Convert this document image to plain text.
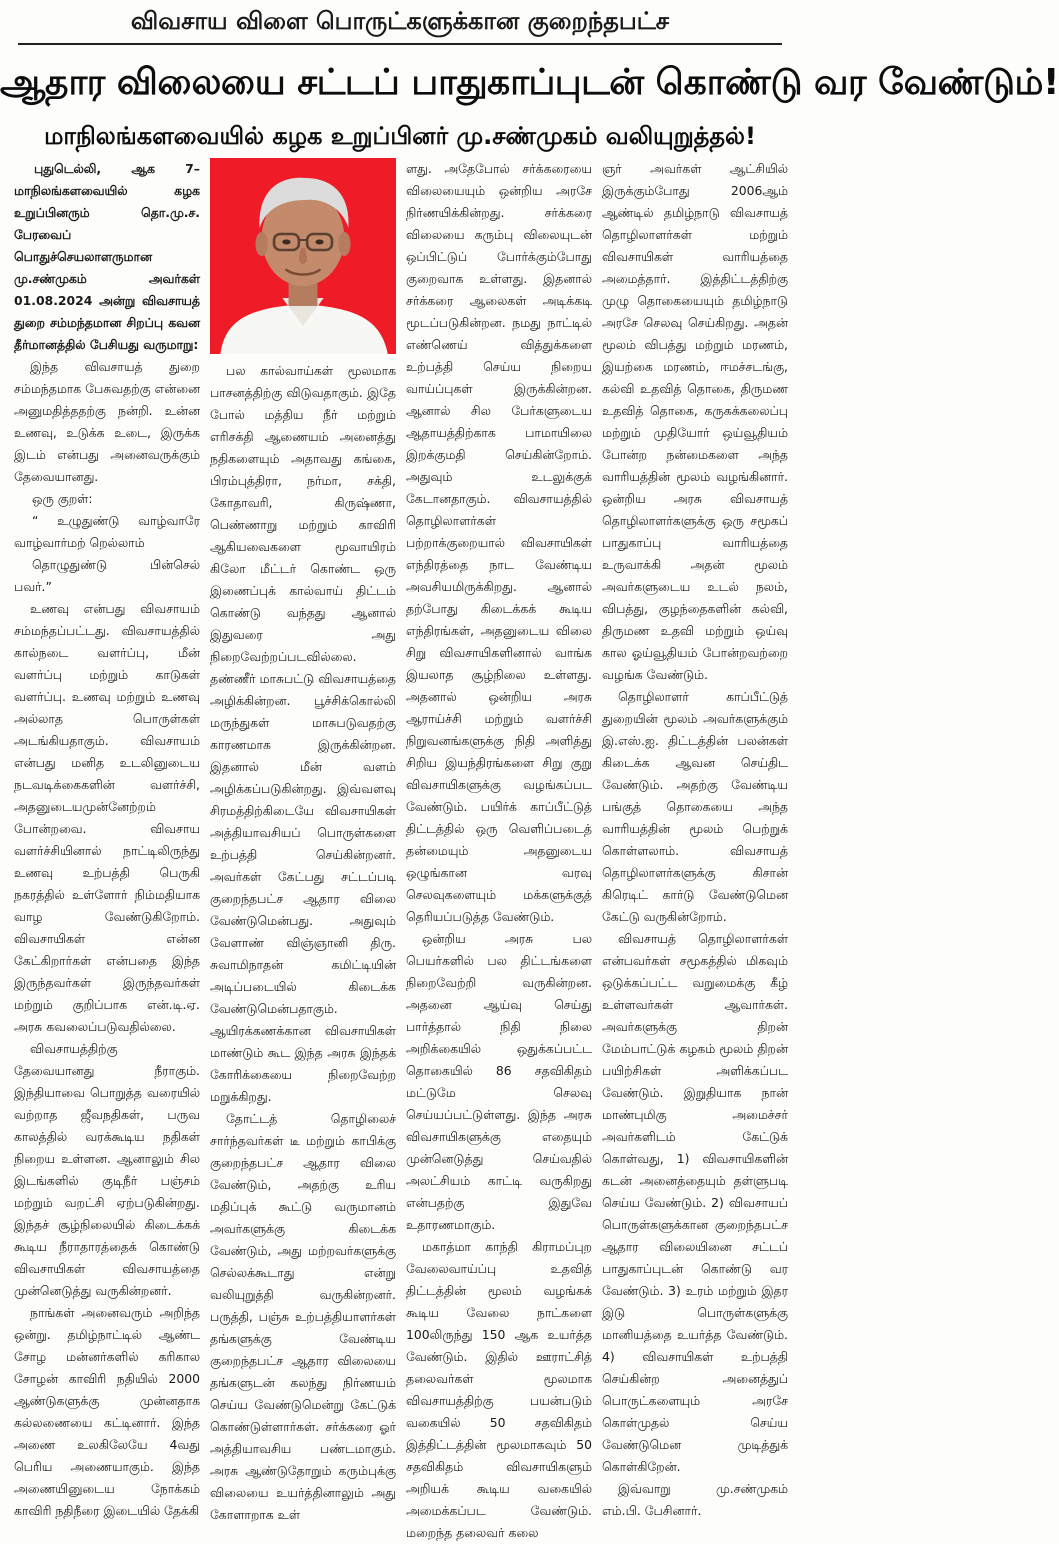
விவசாய விளை பொருட்களுக்கான குறைந்தபட்ச
ஆதார விலையை சட்டப் பாதுகாப்புடன் கொண்டு வர வேண்டும்!
மாநிலங்களவையில் கழக உறுப்பினர் மு.சண்முகம் வலியுறுத்தல்!

புதுடெல்லி, ஆக 7– மாநிலங்களவையில் கழக உறுப்பினரும் தொ.மு.ச. பேரவைப் பொதுச்செயலாளருமான மு.சண்முகம் அவர்கள் 01.08.2024 அன்று விவசாயத் துறை சம்மந்தமான சிறப்பு கவன தீர்மானத்தில் பேசியது வருமாறு:

இந்த விவசாயத் துறை சம்மந்தமாக பேசுவதற்கு என்னை அனுமதித்ததற்கு நன்றி. உன்ன உணவு, உடுக்க உடை, இருக்க இடம் என்பது அனைவருக்கும் தேவையானது.

ஒரு குறள்:

“ உழுதுண்டு வாழ்வாரே வாழ்வார்மற் றெல்லாம்

தொழுதுண்டு பின்செல் பவர்.”

உணவு என்பது விவசாயம் சம்மந்தப்பட்டது. விவசாயத்தில் கால்நடை வளர்ப்பு, மீன் வளர்ப்பு மற்றும் காடுகள் வளர்ப்பு. உணவு மற்றும் உணவு அல்லாத பொருள்கள் அடங்கியதாகும். விவசாயம் என்பது மனித உடலினுடைய நடவடிக்கைகளின் வளர்ச்சி, அதனுடையமுன்னேற்றம் போன்றவை. விவசாய வளர்ச்சியினால் நாட்டிலிருந்து உணவு உற்பத்தி பெருகி நகரத்தில் உள்ளோர் நிம்மதியாக வாழ வேண்டுகிறோம். விவசாயிகள் என்ன கேட்கிறார்கள் என்பதை இந்த இருந்தவர்கள் இருந்தவர்கள் மற்றும் குறிப்பாக என்.டி.ஏ. அரசு கவலைப்படுவதில்லை.

விவசாயத்திற்கு தேவையானது நீராகும். இந்தியாவை பொறுத்த வரையில் வற்றாத ஜீவநதிகள், பருவ காலத்தில் வரக்கூடிய நதிகள் நிறைய உள்ளன. ஆனாலும் சில இடங்களில் குடிநீர் பஞ்சம் மற்றும் வறட்சி ஏற்படுகின்றது. இந்தச் சூழ்நிலையில் கிடைக்கக் கூடிய நீராதாரத்தைக் கொண்டு விவசாயிகள் விவசாயத்தை முன்னெடுத்து வருகின்றனர்.

நாங்கள் அனைவரும் அறிந்த ஒன்று. தமிழ்நாட்டில் ஆண்ட சோழ மன்னர்களில் கரிகால சோழன் காவிரி நதியில் 2000 ஆண்டுகளுக்கு முன்னதாக கல்லணையை கட்டினார். இந்த அணை உலகிலேயே 4வது பெரிய அணையாகும். இந்த அணையினுடைய நோக்கம் காவிரி நதிநீரை இடையில் தேக்கி

பல கால்வாய்கள் மூலமாக பாசனத்திற்கு விடுவதாகும். இதே போல் மத்திய நீர் மற்றும் எரிசக்தி ஆணையம் அனைத்து நதிகளையும் அதாவது கங்கை, பிரம்புத்திரா, நர்மா, சக்தி, கோதாவரி, கிருஷ்ணா, பெண்ணாறு மற்றும் காவிரி ஆகியவைகளை மூவாயிரம் கிலோ மீட்டர் கொண்ட ஒரு இணைப்புக் கால்வாய் திட்டம் கொண்டு வந்தது ஆனால் இதுவரை அது நிறைவேற்றப்படவில்லை. தண்ணீர் மாசுபட்டு விவசாயத்தை அழிக்கின்றன. பூச்சிக்கொல்லி மருந்துகள் மாசுபடுவதற்கு காரணமாக இருக்கின்றன. இதனால் மீன் வளம் அழிக்கப்படுகின்றது. இவ்வளவு சிரமத்திற்கிடையே விவசாயிகள் அத்தியாவசியப் பொருள்களை உற்பத்தி செய்கின்றனர். அவர்கள் கேட்பது சட்டப்படி குறைந்தபட்ச ஆதார விலை வேண்டுமென்பது. அதுவும் வேளாண் விஞ்ஞானி திரு. சுவாமிநாதன் கமிட்டியின் அடிப்படையில் கிடைக்க வேண்டுமென்பதாகும். ஆயிரக்கணக்கான விவசாயிகள் மாண்டும் கூட இந்த அரசு இந்தக் கோரிக்கையை நிறைவேற்ற மறுக்கிறது.

தோட்டத் தொழிலைச் சார்ந்தவர்கள் டீ மற்றும் காபிக்கு குறைந்தபட்ச ஆதார விலை வேண்டும், அதற்கு உரிய மதிப்புக் கூட்டு வருமானம் அவர்களுக்கு கிடைக்க வேண்டும், அது மற்றவர்களுக்கு செல்லக்கூடாது என்று வலியுறுத்தி வருகின்றனர். பருத்தி, பஞ்சு உற்பத்தியாளர்கள் தங்களுக்கு வேண்டிய குறைந்தபட்ச ஆதார விலையை தங்களுடன் கலந்து நிர்ணயம் செய்ய வேண்டுமென்று கேட்டுக் கொண்டுள்ளார்கள். சர்க்கரை ஓர் அத்தியாவசிய பண்டமாகும். அரசு ஆண்டுதோறும் கரும்புக்கு விலையை உயர்த்தினாலும் அது கோளாறாக உள்

ளது. அதேபோல் சர்க்கரையை விலையையும் ஒன்றிய அரசே நிர்ணயிக்கின்றது. சர்க்கரை விலையை கரும்பு விலையுடன் ஒப்பிட்டுப் போர்க்கும்போது குறைவாக உள்ளது. இதனால் சர்க்கரை ஆலைகள் அடிக்கடி மூடப்படுகின்றன. நமது நாட்டில் எண்ணெய் வித்துக்களை உற்பத்தி செய்ய நிறைய வாய்ப்புகள் இருக்கின்றன. ஆனால் சில பேர்களுடைய ஆதாயத்திற்காக பாமாயிலை இறக்குமதி செய்கின்றோம். அதுவும் உடலுக்குக் கேடானதாகும். விவசாயத்தில் தொழிலாளர்கள் பற்றாக்குறையால் விவசாயிகள் எந்திரத்தை நாட வேண்டிய அவசியமிருக்கிறது. ஆனால் தற்போது கிடைக்கக் கூடிய எந்திரங்கள், அதனுடைய விலை சிறு விவசாயிகளினால் வாங்க இயலாத சூழ்நிலை உள்ளது. அதனால் ஒன்றிய அரசு ஆராய்ச்சி மற்றும் வளர்ச்சி நிறுவனங்களுக்கு நிதி அளித்து சிறிய இயந்திரங்களை சிறு குறு விவசாயிகளுக்கு வழங்கப்பட வேண்டும். பயிர்க் காப்பீட்டுத் திட்டத்தில் ஒரு வெளிப்படைத் தன்மையும் அதனுடைய ஒழுங்கான வரவு செலவுகளையும் மக்களுக்குத் தெரியப்படுத்த வேண்டும்.

ஒன்றிய அரசு பல பெயர்களில் பல திட்டங்களை நிறைவேற்றி வருகின்றன. அதனை ஆய்வு செய்து பார்த்தால் நிதி நிலை அறிக்கையில் ஒதுக்கப்பட்ட தொகையில் 86 சதவிகிதம் மட்டுமே செலவு செய்யப்பட்டுள்ளது. இந்த அரசு விவசாயிகளுக்கு எதையும் முன்னெடுத்து செய்வதில் அலட்சியம் காட்டி வருகிறது என்பதற்கு இதுவே உதாரணமாகும்.

மகாத்மா காந்தி கிராமப்புற வேலைவாய்ப்பு உதவித் திட்டத்தின் மூலம் வழங்கக் கூடிய வேலை நாட்களை 100லிருந்து 150 ஆக உயர்த்த வேண்டும். இதில் ஊராட்சித் தலைவர்கள் மூலமாக விவசாயத்திற்கு பயன்படும் வகையில் 50 சதவிகிதம் இத்திட்டத்தின் மூலமாகவும் 50 சதவிகிதம் விவசாயிகளும் அறியக் கூடிய வகையில் அமைக்கப்பட வேண்டும். மறைந்த தலைவர் கலை

ஞர் அவர்கள் ஆட்சியில் இருக்கும்போது 2006ஆம் ஆண்டில் தமிழ்நாடு விவசாயத் தொழிலாளர்கள் மற்றும் விவசாயிகள் வாரியத்தை அமைத்தார். இத்திட்டத்திற்கு முழு தொகையையும் தமிழ்நாடு அரசே செலவு செய்கிறது. அதன் மூலம் விபத்து மற்றும் மரணம், இயற்கை மரணம், ஈமச்சடங்கு, கல்வி உதவித் தொகை, திருமண உதவித் தொகை, கருகக்கலைப்பு மற்றும் முதியோர் ஒய்வூதியம் போன்ற நன்மைகளை அந்த வாரியத்தின் மூலம் வழங்கினார். ஒன்றிய அரசு விவசாயத் தொழிலாளர்களுக்கு ஒரு சமூகப் பாதுகாப்பு வாரியத்தை உருவாக்கி அதன் மூலம் அவர்களுடைய உடல் நலம், விபத்து, குழந்தைகளின் கல்வி, திருமண உதவி மற்றும் ஒய்வு கால ஓய்வூதியம் போன்றவற்றை வழங்க வேண்டும்.

தொழிலாளர் காப்பீட்டுத் துறையின் மூலம் அவர்களுக்கும் இ.எஸ்.ஐ. திட்டத்தின் பலன்கள் கிடைக்க ஆவன செய்திட வேண்டும். அதற்கு வேண்டிய பங்குத் தொகையை அந்த வாரியத்தின் மூலம் பெற்றுக் கொள்ளலாம். விவசாயத் தொழிலாளர்களுக்கு கிசான் கிரெடிட் கார்டு வேண்டுமென கேட்டு வருகின்றோம்.

விவசாயத் தொழிலாளர்கள் என்பவர்கள் சமூகத்தில் மிகவும் ஒடுக்கப்பட்ட வறுமைக்கு கீழ் உள்ளவர்கள் ஆவார்கள். அவர்களுக்கு திறன் மேம்பாட்டுக் கழகம் மூலம் திறன் பயிற்சிகள் அளிக்கப்பட வேண்டும். இறுதியாக நான் மாண்புமிகு அமைச்சர் அவர்களிடம் கேட்டுக் கொள்வது, 1) விவசாயிகளின் கடன் அனைத்தையும் தள்ளுபடி செய்ய வேண்டும். 2) விவசாயப் பொருள்களுக்கான குறைந்தபட்ச ஆதார விலையினை சட்டப் பாதுகாப்புடன் கொண்டு வர வேண்டும். 3) உரம் மற்றும் இதர இடு பொருள்களுக்கு மானியத்தை உயர்த்த வேண்டும். 4) விவசாயிகள் உற்பத்தி செய்கின்ற அனைத்துப் பொருட்களையும் அரசே கொள்முதல் செய்ய வேண்டுமென முடித்துக் கொள்கிறேன்.

இவ்வாறு மு.சண்முகம் எம்.பி. பேசினார்.
